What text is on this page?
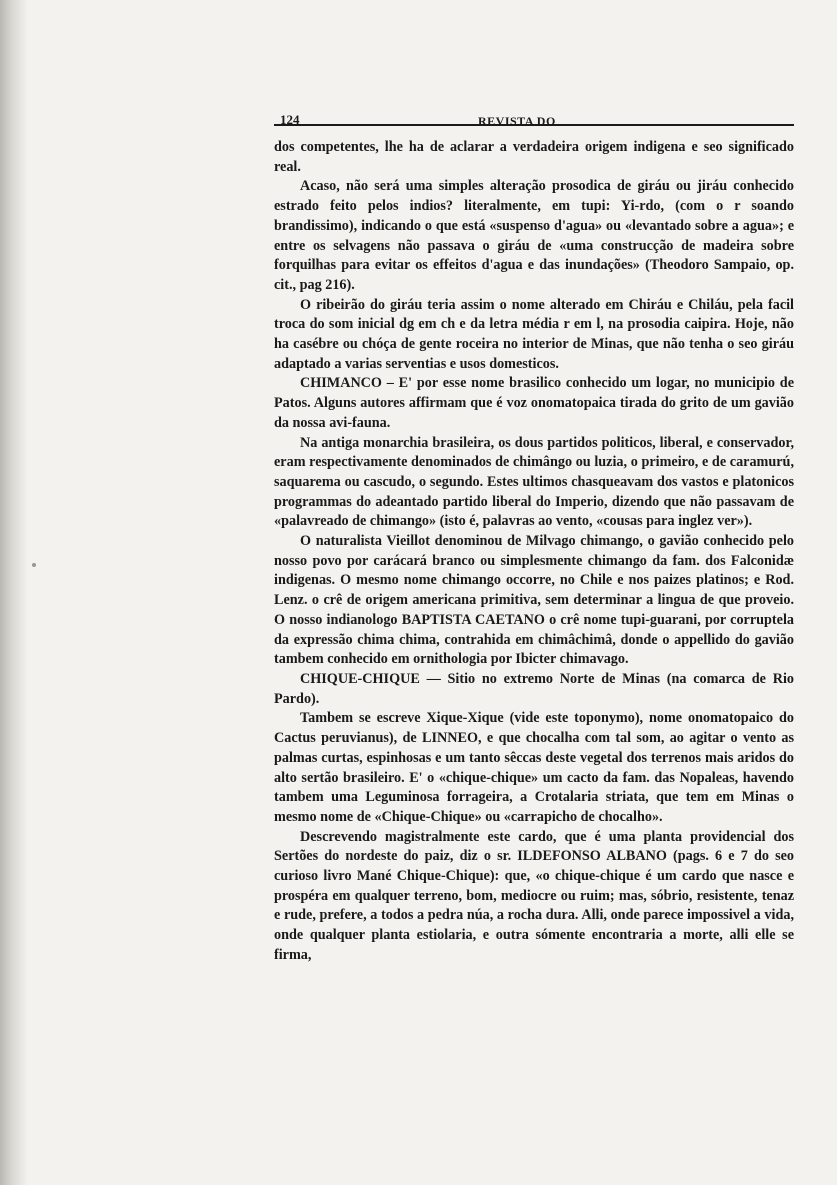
124	REVISTA DO

dos competentes, lhe ha de aclarar a verdadeira origem indigena e seo significado real.

Acaso, não será uma simples alteração prosodica de giráu ou jiráu conhecido estrado feito pelos indios? literalmente, em tupi: Yi-rdo, (com o r soando brandissimo), indicando o que está «suspenso d'agua» ou «levantado sobre a agua»; e entre os selvagens não passava o giráu de «uma construcção de madeira sobre forquilhas para evitar os effeitos d'agua e das inundações» (Theodoro Sampaio, op. cit., pag 216).

O ribeirão do giráu teria assim o nome alterado em Chiráu e Chiláu, pela facil troca do som inicial dg em ch e da letra média r em l, na prosodia caipira. Hoje, não ha casébre ou chóça de gente roceira no interior de Minas, que não tenha o seo giráu adaptado a varias serventias e usos domesticos.

CHIMANCO – E' por esse nome brasilico conhecido um logar, no municipio de Patos. Alguns autores affirmam que é voz onomatopaica tirada do grito de um gavião da nossa avi-fauna.

Na antiga monarchia brasileira, os dous partidos politicos, liberal, e conservador, eram respectivamente denominados de chimângo ou luzia, o primeiro, e de caramurú, saquarema ou cascudo, o segundo. Estes ultimos chasqueavam dos vastos e platonicos programmas do adeantado partido liberal do Imperio, dizendo que não passavam de «palavreado de chimango» (isto é, palavras ao vento, «cousas para inglez ver»).

O naturalista Vieillot denominou de Milvago chimango, o gavião conhecido pelo nosso povo por carácará branco ou simplesmente chimango da fam. dos Falconidæ indigenas. O mesmo nome chimango occorre, no Chile e nos paizes platinos; e Rod. Lenz. o crê de origem americana primitiva, sem determinar a lingua de que proveio. O nosso indianologo BAPTISTA CAETANO o crê nome tupi-guarani, por corruptela da expressão chima chima, contrahida em chimâchimâ, donde o appellido do gavião tambem conhecido em ornithologia por Ibicter chimavago.

CHIQUE-CHIQUE — Sitio no extremo Norte de Minas (na comarca de Rio Pardo).

Tambem se escreve Xique-Xique (vide este toponymo), nome onomatopaico do Cactus peruvianus), de LINNEO, e que chocalha com tal som, ao agitar o vento as palmas curtas, espinhosas e um tanto sêccas deste vegetal dos terrenos mais aridos do alto sertão brasileiro. E' o «chique-chique» um cacto da fam. das Nopaleas, havendo tambem uma Leguminosa forrageira, a Crotalaria striata, que tem em Minas o mesmo nome de «Chique-Chique» ou «carrapicho de chocalho».

Descrevendo magistralmente este cardo, que é uma planta providencial dos Sertões do nordeste do paiz, diz o sr. ILDEFONSO ALBANO (pags. 6 e 7 do seo curioso livro Mané Chique-Chique): que, «o chique-chique é um cardo que nasce e prospéra em qualquer terreno, bom, mediocre ou ruim; mas, sóbrio, resistente, tenaz e rude, prefere, a todos a pedra núa, a rocha dura. Alli, onde parece impossivel a vida, onde qualquer planta estiolaria, e outra sómente encontraria a morte, alli elle se firma,
